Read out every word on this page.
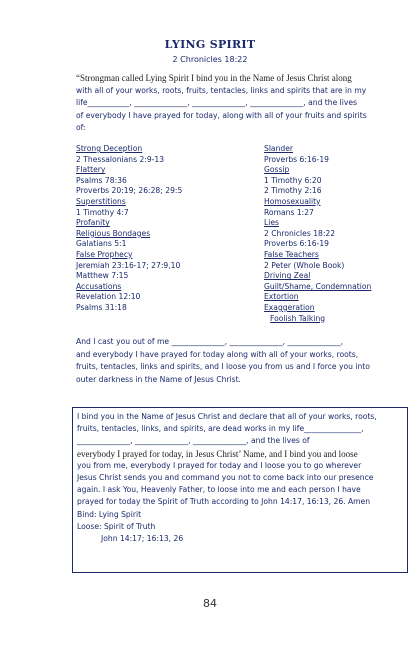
LYING SPIRIT
2 Chronicles 18:22
“Strongman called Lying Spirit I bind you in the Name of Jesus Christ along
with all of your works, roots, fruits, tentacles, links and spirits that are in my
life___________, ______________, ______________, ______________, and the lives
of everybody I have prayed for today, along with all of your fruits and spirits
of:
Strong Deception
2 Thessalonians 2:9-13
Flattery
Psalms 78:36
Proverbs 20:19; 26:28; 29:5
Superstitions
1 Timothy 4:7
Profanity
Religious Bondages
Galatians 5:1
False Prophecy
Jeremiah 23:16-17; 27:9,10
Matthew 7:15
Accusations
Revelation 12:10
Psalms 31:18
Slander
Proverbs 6:16-19
Gossip
1 Timothy 6:20
2 Timothy 2:16
Homosexuality
Romans 1:27
Lies
2 Chronicles 18:22
Proverbs 6:16-19
False Teachers
2 Peter (Whole Book)
Driving Zeal
Guilt/Shame, Condemnation
Extortion
Exaggeration
Foolish Talking
And I cast you out of me ______________, ______________, ______________,
and everybody I have prayed for today along with all of your works, roots,
fruits, tentacles, links and spirits, and I loose you from us and I force you into
outer darkness in the Name of Jesus Christ.
I bind you in the Name of Jesus Christ and declare that all of your works, roots,
fruits, tentacles, links, and spirits, are dead works in my life_______________,
______________, ______________, ______________, and the lives of
everybody I prayed for today, in Jesus Christ’ Name, and I bind you and loose
you from me, everybody I prayed for today and I loose you to go wherever
Jesus Christ sends you and command you not to come back into our presence
again. I ask You, Heavenly Father, to loose into me and each person I have
prayed for today the Spirit of Truth according to John 14:17, 16:13, 26. Amen
Bind: Lying Spirit
Loose: Spirit of Truth
John 14:17; 16:13, 26
84
